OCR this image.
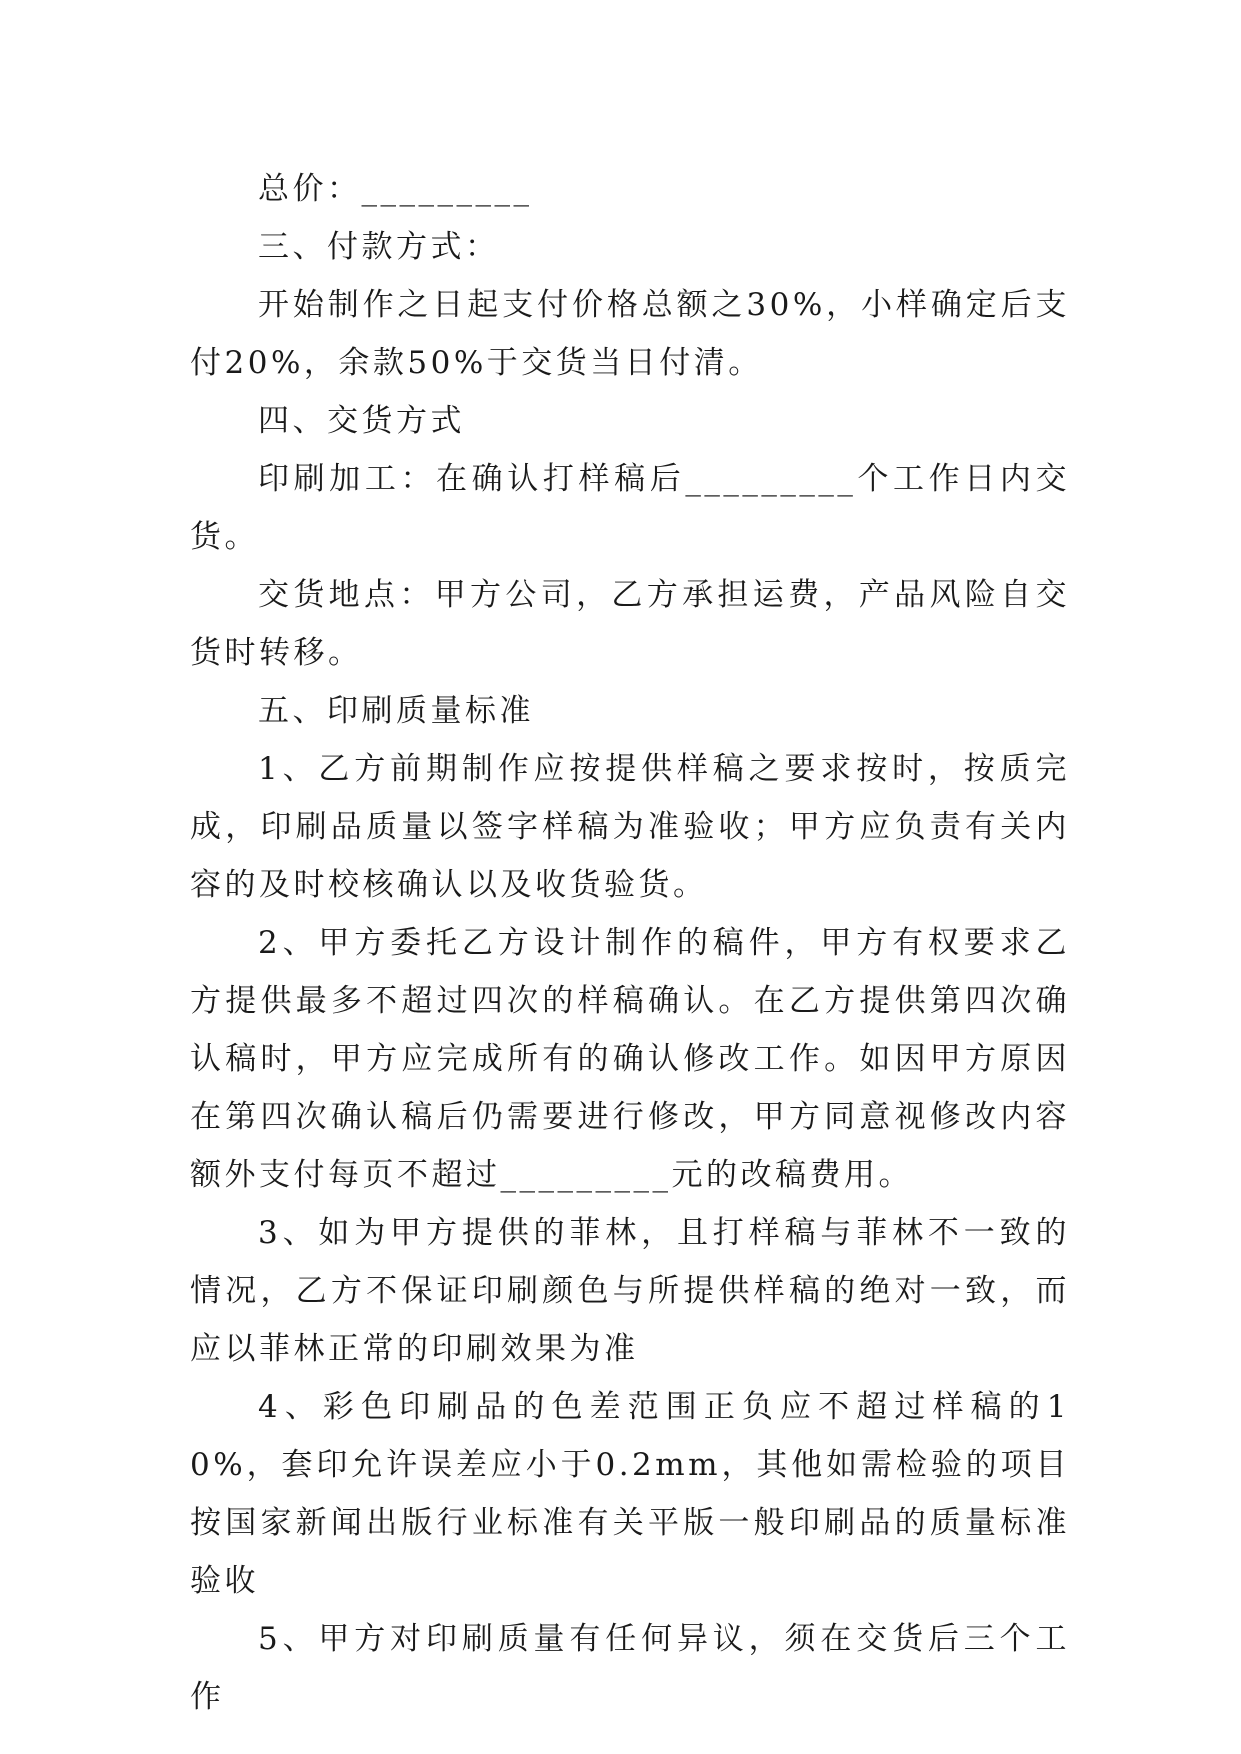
总价：_________

三、付款方式：

开始制作之日起支付价格总额之30%，小样确定后支付20%，余款50%于交货当日付清。

四、交货方式

印刷加工：在确认打样稿后_________个工作日内交货。

交货地点：甲方公司，乙方承担运费，产品风险自交货时转移。

五、印刷质量标准

1、乙方前期制作应按提供样稿之要求按时，按质完成，印刷品质量以签字样稿为准验收；甲方应负责有关内容的及时校核确认以及收货验货。

2、甲方委托乙方设计制作的稿件，甲方有权要求乙方提供最多不超过四次的样稿确认。在乙方提供第四次确认稿时，甲方应完成所有的确认修改工作。如因甲方原因在第四次确认稿后仍需要进行修改，甲方同意视修改内容额外支付每页不超过_________元的改稿费用。

3、如为甲方提供的菲林，且打样稿与菲林不一致的情况，乙方不保证印刷颜色与所提供样稿的绝对一致，而应以菲林正常的印刷效果为准

4、彩色印刷品的色差范围正负应不超过样稿的10%，套印允许误差应小于0.2mm，其他如需检验的项目按国家新闻出版行业标准有关平版一般印刷品的质量标准验收

5、甲方对印刷质量有任何异议，须在交货后三个工作
